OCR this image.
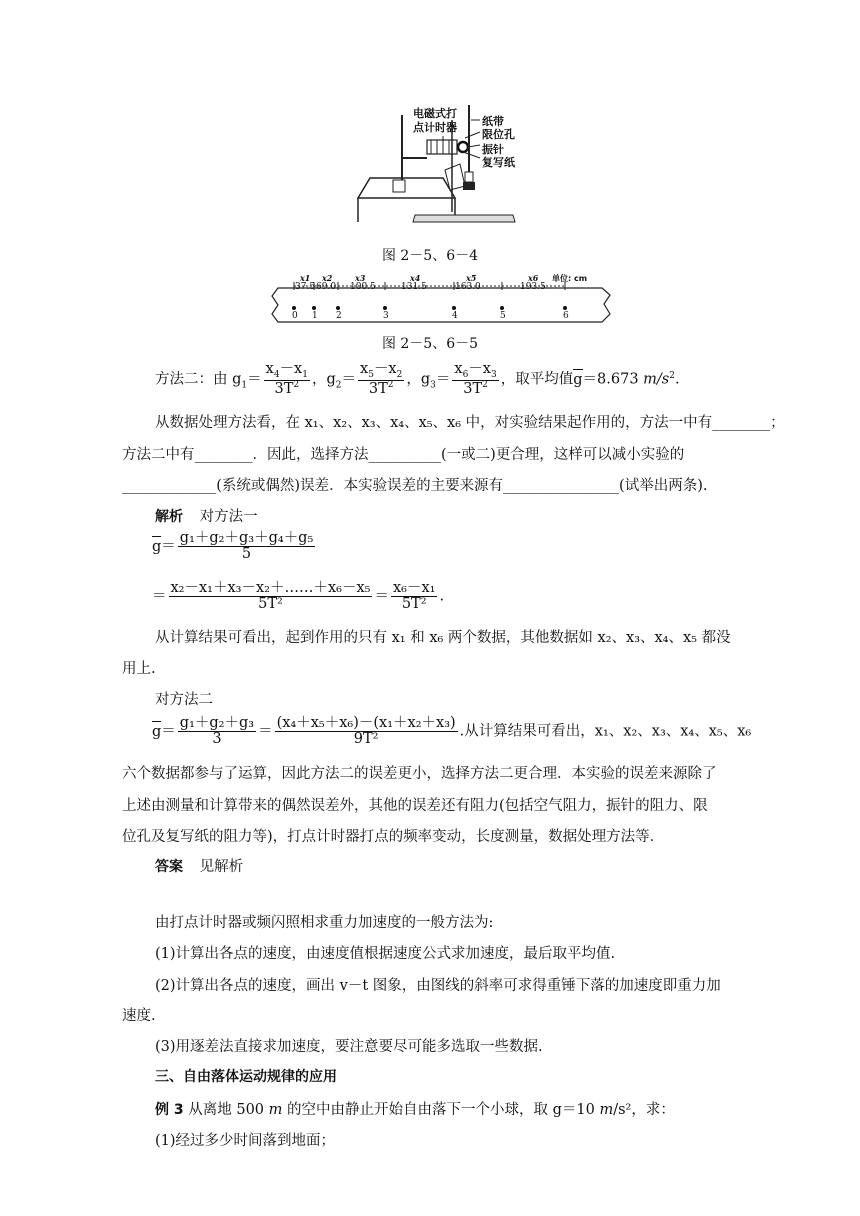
电磁式打
点计时器 纸带
限位孔
振针
复写纸
图 2－5、6－4
x1
37.5
x2
69.0
x3
100.5
x4
131.5
x5
163.0
x6
193.5
单位: cm
0 1 2	3	4	5	6
图 2－5、6－5
方法二：由 $g_1= \frac{x_4-x_1}{3T^2}$ ，$g_2= \frac{x_5-x_2}{3T^2}$ ，$g_3= \frac{x_6-x_3}{3T^2}$ ，取平均值
g＝8.673 $m/s^2$.
从数据处理方法看，在 x₁、x₂、x₃、x₄、x₅、x₆ 中，对实验结果起作用的，方法一中有________；
方法二中有________．因此，选择方法__________(一或二)更合理，这样可以减小实验的
_____________(系统或偶然)误差．本实验误差的主要来源有________________(试举出两条).
解析 对方法一
$g= \frac{\text{g₁＋g₂＋g₃＋g₄＋g₅}}{5}$
＝ $\frac{\text{x₂－x₁＋x₃－x₂＋……＋x₆－x₅}}{\text{5T²}} = \frac{\text{x₆－x₁}}{\text{5T²}}$ .
从计算结果可看出，起到作用的只有 x₁ 和 x₆ 两个数据，其他数据如 x₂、x₃、x₄、x₅ 都没
用上.
对方法二
$g= \frac{\text{g₁＋g₂＋g₃}}{3} = \frac{\text{(x₄＋x₅＋x₆)－(x₁＋x₂＋x₃)}}{\text{9T²}}$ .从计算结果可看出，x₁、x₂、x₃、x₄、x₅、x₆
六个数据都参与了运算，因此方法二的误差更小，选择方法二更合理．本实验的误差来源除了
上述由测量和计算带来的偶然误差外，其他的误差还有阻力(包括空气阻力，振针的阻力、限
位孔及复写纸的阻力等)，打点计时器打点的频率变动，长度测量，数据处理方法等．
答案 见解析
由打点计时器或频闪照相求重力加速度的一般方法为:
(1)计算出各点的速度，由速度值根据速度公式求加速度，最后取平均值.
(2)计算出各点的速度，画出 v－t 图象，由图线的斜率可求得重锤下落的加速度即重力加
速度.
(3)用逐差法直接求加速度，要注意要尽可能多选取一些数据.
三、自由落体运动规律的应用
例 3 从离地 500 m 的空中由静止开始自由落下一个小球，取 g＝10 m/s²，求：
(1)经过多少时间落到地面；
